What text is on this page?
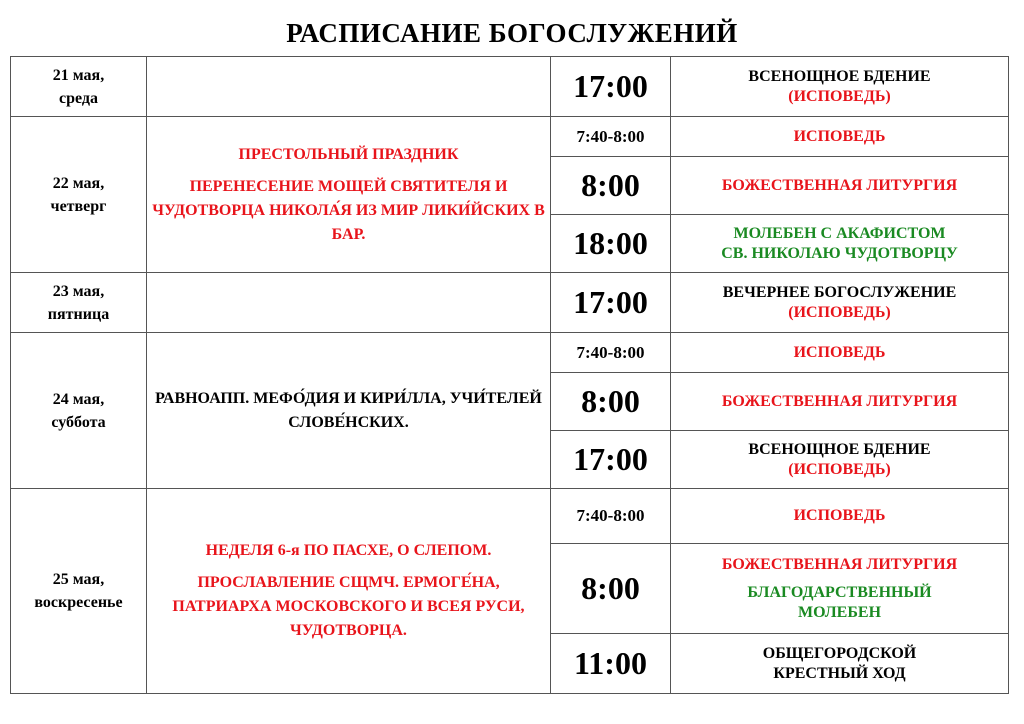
РАСПИСАНИЕ БОГОСЛУЖЕНИЙ
21 мая,
среда		17:00	ВСЕНОЩНОЕ БДЕНИЕ
(ИСПОВЕДЬ)

22 мая,
четверг	ПРЕСТОЛЬНЫЙ ПРАЗДНИК
ПЕРЕНЕСЕНИЕ МОЩЕЙ СВЯТИТЕЛЯ И ЧУДОТВОРЦА НИКОЛА́Я ИЗ МИР ЛИКИ́ЙСКИХ В БАР.	7:40-8:00	ИСПОВЕДЬ

		8:00	БОЖЕСТВЕННАЯ ЛИТУРГИЯ

		18:00	МОЛЕБЕН С АКАФИСТОМ
СВ. НИКОЛАЮ ЧУДОТВОРЦУ

23 мая,
пятница		17:00	ВЕЧЕРНЕЕ БОГОСЛУЖЕНИЕ
(ИСПОВЕДЬ)

24 мая,
суббота	РАВНОАПП. МЕФО́ДИЯ И КИРИ́ЛЛА, УЧИ́ТЕЛЕЙ СЛОВЕ́НСКИХ.	7:40-8:00	ИСПОВЕДЬ

		8:00	БОЖЕСТВЕННАЯ ЛИТУРГИЯ

		17:00	ВСЕНОЩНОЕ БДЕНИЕ
(ИСПОВЕДЬ)

25 мая,
воскресенье	НЕДЕЛЯ 6-я ПО ПАСХЕ, О СЛЕПОМ.
ПРОСЛАВЛЕНИЕ СЩМЧ. ЕРМОГЕ́НА, ПАТРИАРХА МОСКОВСКОГО И ВСЕЯ РУСИ, ЧУДОТВОРЦА.	7:40-8:00	ИСПОВЕДЬ

		8:00	БОЖЕСТВЕННАЯ ЛИТУРГИЯ
БЛАГОДАРСТВЕННЫЙ
МОЛЕБЕН

		11:00	ОБЩЕГОРОДСКОЙ
КРЕСТНЫЙ ХОД
